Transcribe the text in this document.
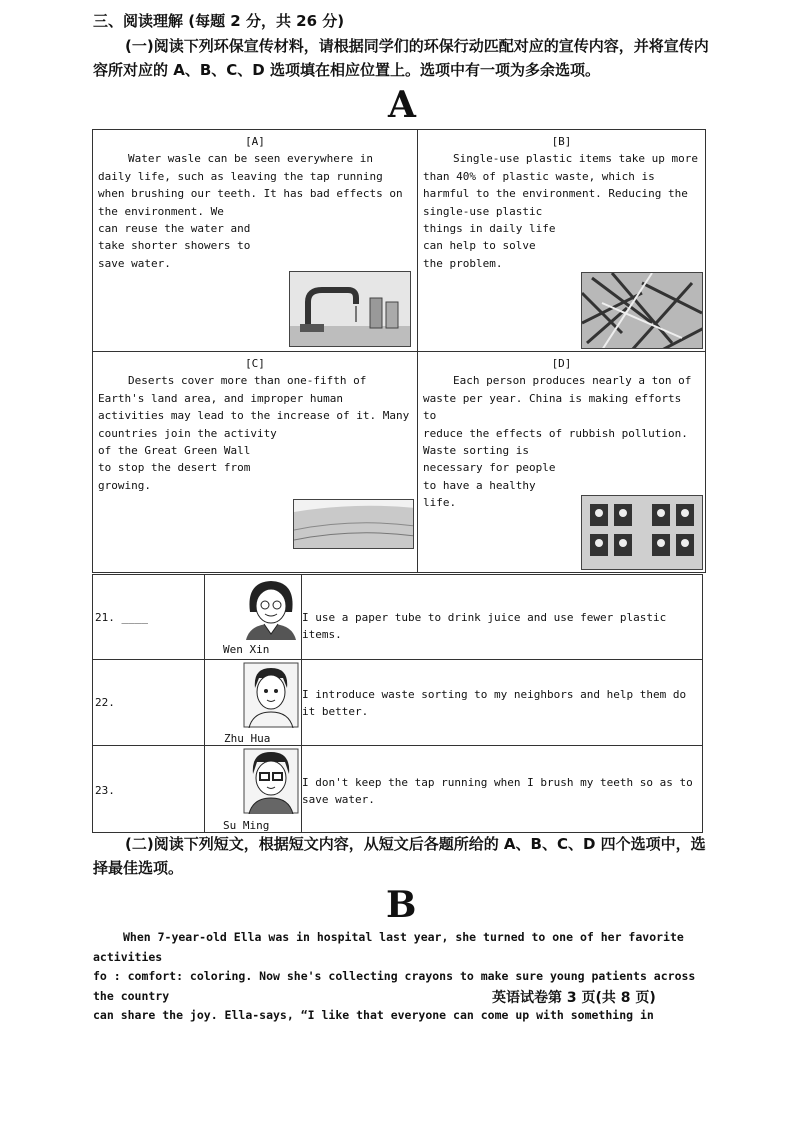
三、阅读理解 (每题 2 分，共 26 分)
(一)阅读下列环保宣传材料，请根据同学们的环保行动匹配对应的宣传内容，并将宣传内容所对应的 A、B、C、D 选项填在相应位置上。选项中有一项为多余选项。
A
[A]
Water wasle can be seen everywhere in
daily life, such as leaving the tap running
when brushing our teeth. It has bad effects on
the environment. We
can reuse the water and
take shorter showers to
save water.
[B]
Single-use plastic items take up more
than 40% of plastic waste, which is
harmful to the environment. Reducing the
single-use plastic
things in daily life
can help to solve
the problem.
[C]
Deserts cover more than one-fifth of
Earth's land area, and improper human
activities may lead to the increase of it. Many
countries join the activity
of the Great Green Wall
to stop the desert from
growing.
[D]
Each person produces nearly a ton of
waste per year. China is making efforts to
reduce the effects of rubbish pollution.
Waste sorting is
necessary for people
to have a healthy
life.
21. ____
Wen Xin
I use a paper tube to drink juice and use fewer plastic items.
22.
Zhu Hua
I introduce waste sorting to my neighbors and help them do it better.
23.
Su Ming
I don't keep the tap running when I brush my teeth so as to save water.
(二)阅读下列短文，根据短文内容，从短文后各题所给的 A、B、C、D 四个选项中，选择最佳选项。
B
When 7-year-old Ella was in hospital last year, she turned to one of her favorite activities
fo : comfort: coloring. Now she's collecting crayons to make sure young patients across the country
can share the joy. Ella-says, “I like that everyone can come up with something in
英语试卷第 3 页(共 8 页)
